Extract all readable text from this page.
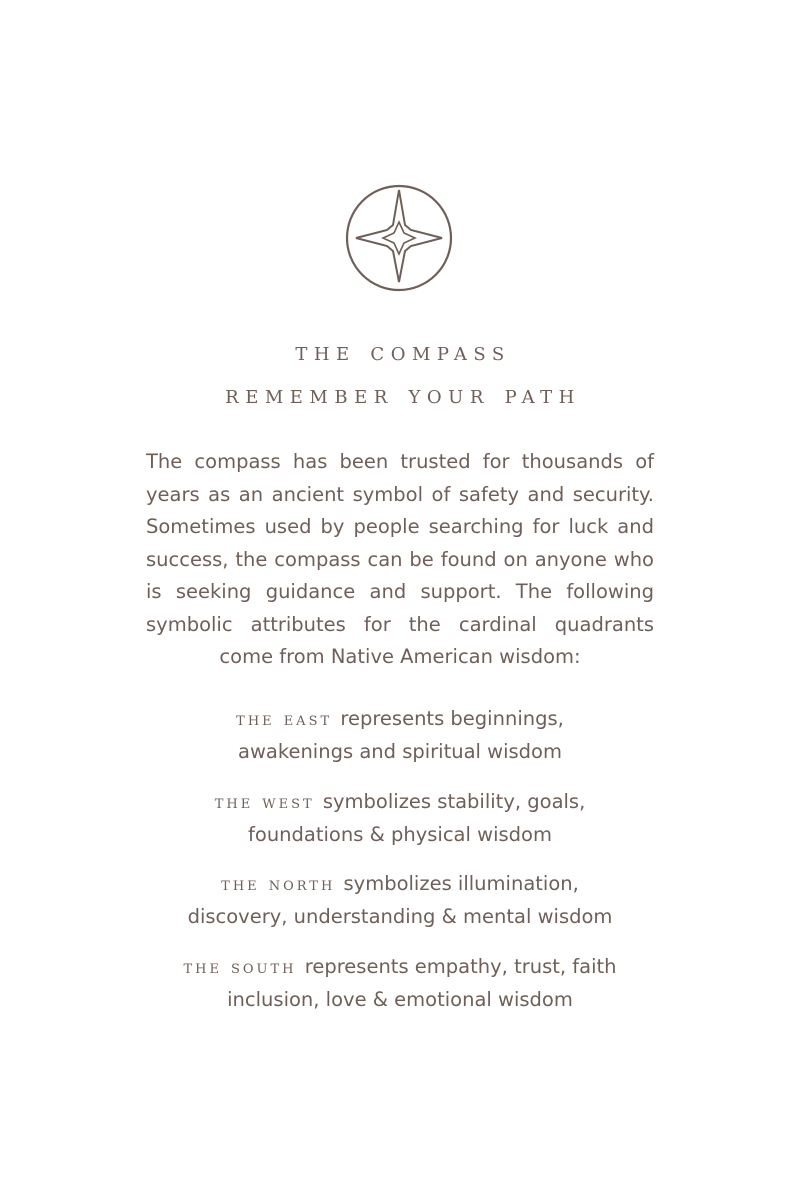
the compass
remember your path

The compass has been trusted for thousands of years as an ancient symbol of safety and security. Sometimes used by people searching for luck and success, the compass can be found on anyone who is seeking guidance and support. The following symbolic attributes for the cardinal quadrants come from Native American wisdom:

the east represents beginnings,
awakenings and spiritual wisdom

the west symbolizes stability, goals,
foundations & physical wisdom

the north symbolizes illumination,
discovery, understanding & mental wisdom

the south represents empathy, trust, faith
inclusion, love & emotional wisdom
